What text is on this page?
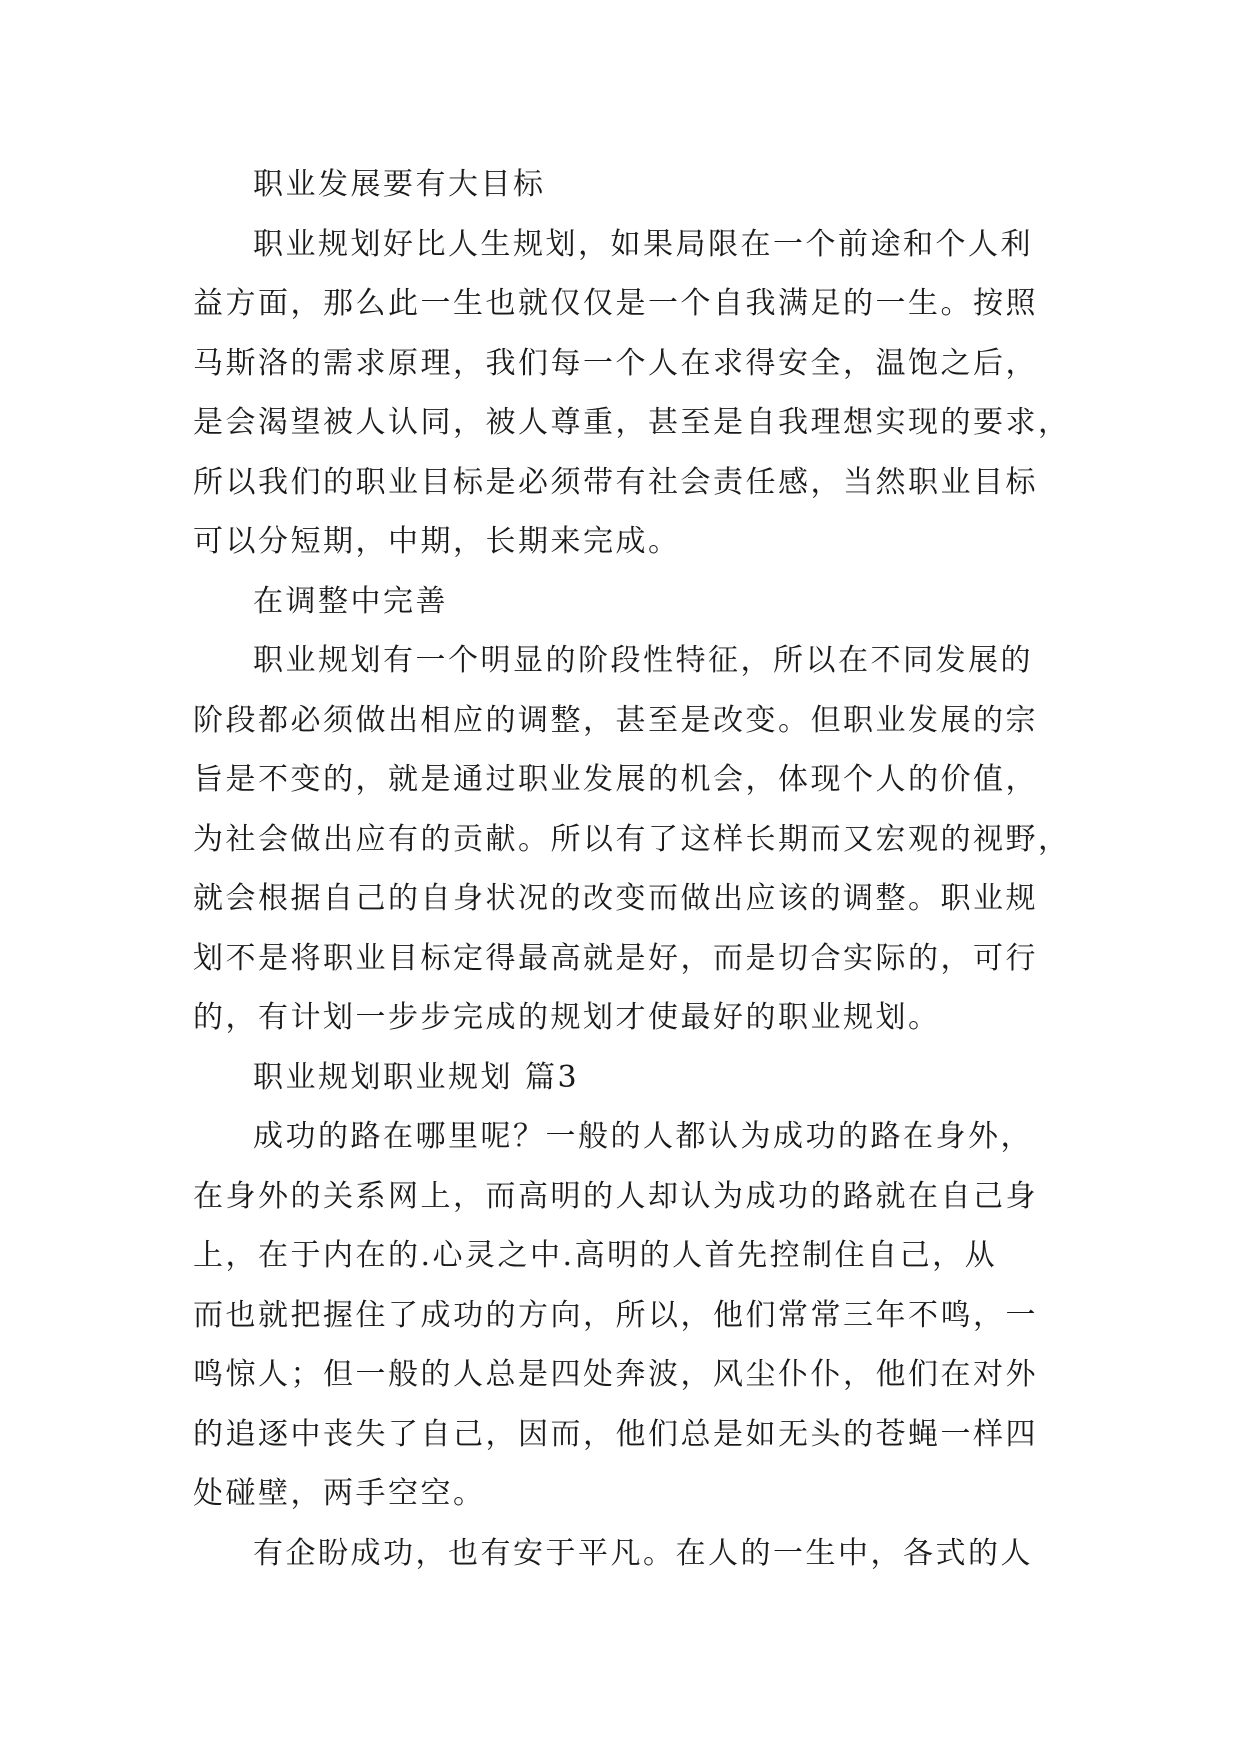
职业发展要有大目标
职业规划好比人生规划，如果局限在一个前途和个人利
益方面，那么此一生也就仅仅是一个自我满足的一生。按照
马斯洛的需求原理，我们每一个人在求得安全，温饱之后，
是会渴望被人认同，被人尊重，甚至是自我理想实现的要求，
所以我们的职业目标是必须带有社会责任感，当然职业目标
可以分短期，中期，长期来完成。
在调整中完善
职业规划有一个明显的阶段性特征，所以在不同发展的
阶段都必须做出相应的调整，甚至是改变。但职业发展的宗
旨是不变的，就是通过职业发展的机会，体现个人的价值，
为社会做出应有的贡献。所以有了这样长期而又宏观的视野，
就会根据自己的自身状况的改变而做出应该的调整。职业规
划不是将职业目标定得最高就是好，而是切合实际的，可行
的，有计划一步步完成的规划才使最好的职业规划。
职业规划职业规划 篇3
成功的路在哪里呢？一般的人都认为成功的路在身外，
在身外的关系网上，而高明的人却认为成功的路就在自己身
上，在于内在的.心灵之中.高明的人首先控制住自己，从
而也就把握住了成功的方向，所以，他们常常三年不鸣，一
鸣惊人；但一般的人总是四处奔波，风尘仆仆，他们在对外
的追逐中丧失了自己，因而，他们总是如无头的苍蝇一样四
处碰壁，两手空空。
有企盼成功，也有安于平凡。在人的一生中，各式的人
